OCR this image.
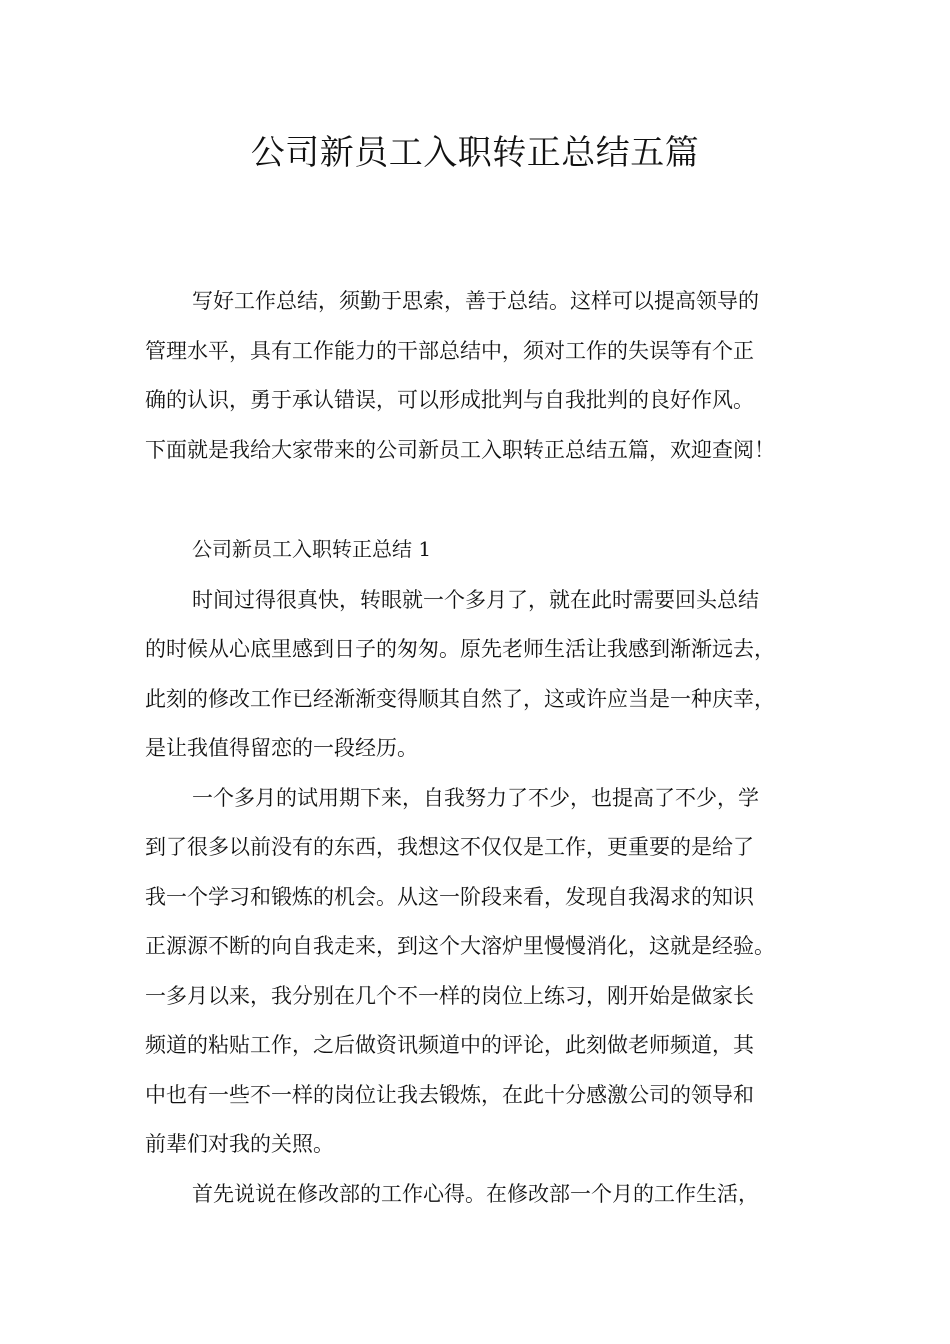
公司新员工入职转正总结五篇

写好工作总结，须勤于思索，善于总结。这样可以提高领导的

管理水平，具有工作能力的干部总结中，须对工作的失误等有个正

确的认识，勇于承认错误，可以形成批判与自我批判的良好作风。

下面就是我给大家带来的公司新员工入职转正总结五篇，欢迎查阅！

公司新员工入职转正总结 1

时间过得很真快，转眼就一个多月了，就在此时需要回头总结

的时候从心底里感到日子的匆匆。原先老师生活让我感到渐渐远去，

此刻的修改工作已经渐渐变得顺其自然了，这或许应当是一种庆幸，

是让我值得留恋的一段经历。

一个多月的试用期下来，自我努力了不少，也提高了不少，学

到了很多以前没有的东西，我想这不仅仅是工作，更重要的是给了

我一个学习和锻炼的机会。从这一阶段来看，发现自我渴求的知识

正源源不断的向自我走来，到这个大溶炉里慢慢消化，这就是经验。

一多月以来，我分别在几个不一样的岗位上练习，刚开始是做家长

频道的粘贴工作，之后做资讯频道中的评论，此刻做老师频道，其

中也有一些不一样的岗位让我去锻炼，在此十分感激公司的领导和

前辈们对我的关照。

首先说说在修改部的工作心得。在修改部一个月的工作生活，
